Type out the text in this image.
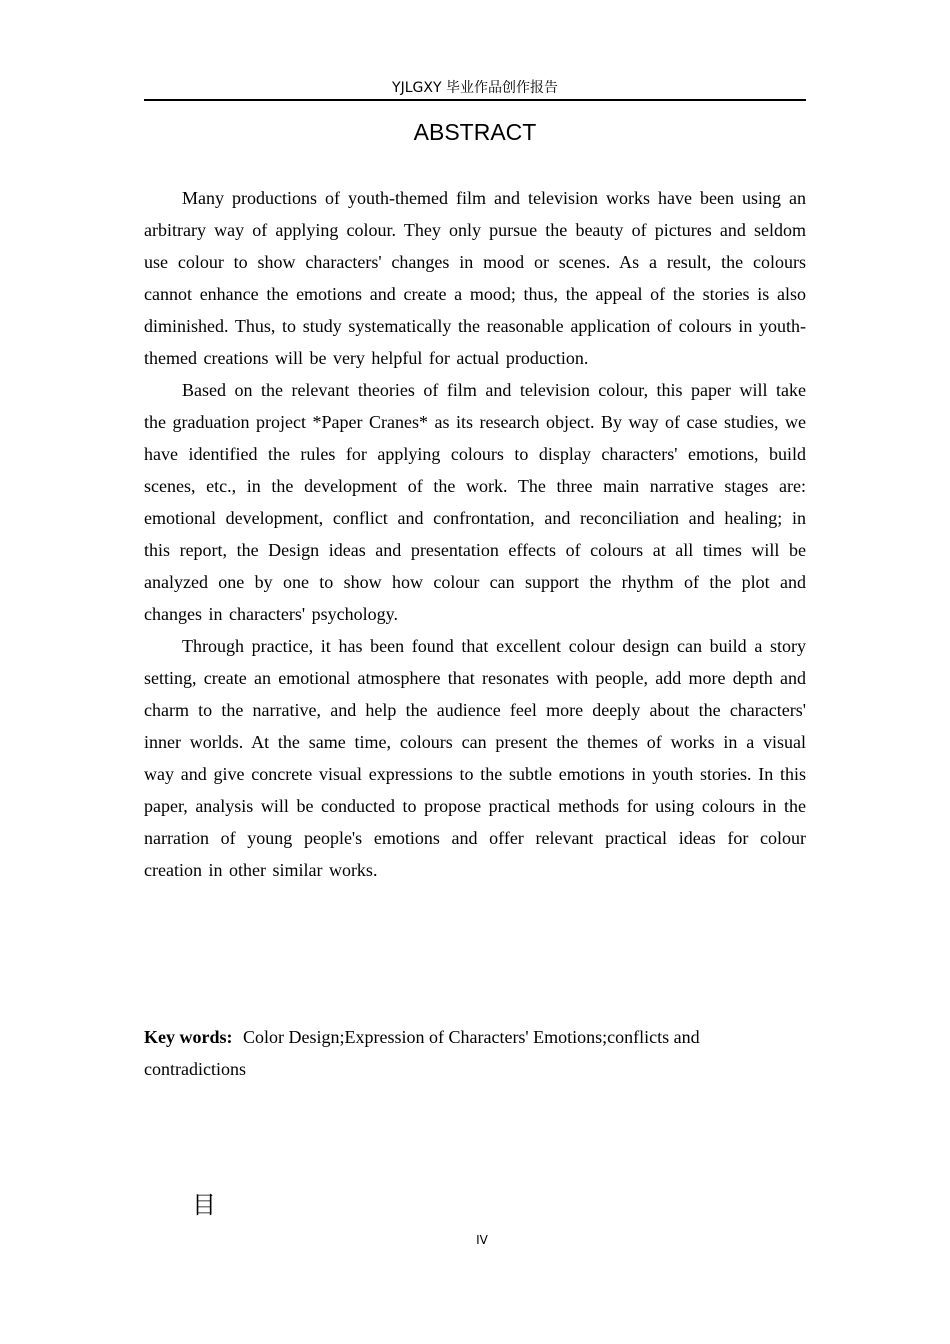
YJLGXY 毕业作品创作报告
ABSTRACT

Many productions of youth-themed film and television works have been using an arbitrary way of applying colour. They only pursue the beauty of pictures and seldom use colour to show characters' changes in mood or scenes. As a result, the colours cannot enhance the emotions and create a mood; thus, the appeal of the stories is also diminished. Thus, to study systematically the reasonable application of colours in youth-themed creations will be very helpful for actual production.

Based on the relevant theories of film and television colour, this paper will take the graduation project *Paper Cranes* as its research object. By way of case studies, we have identified the rules for applying colours to display characters' emotions, build scenes, etc., in the development of the work. The three main narrative stages are: emotional development, conflict and confrontation, and reconciliation and healing; in this report, the Design ideas and presentation effects of colours at all times will be analyzed one by one to show how colour can support the rhythm of the plot and changes in characters' psychology.

Through practice, it has been found that excellent colour design can build a story setting, create an emotional atmosphere that resonates with people, add more depth and charm to the narrative, and help the audience feel more deeply about the characters' inner worlds. At the same time, colours can present the themes of works in a visual way and give concrete visual expressions to the subtle emotions in youth stories. In this paper, analysis will be conducted to propose practical methods for using colours in the narration of young people's emotions and offer relevant practical ideas for colour creation in other similar works.

Key words: Color Design;Expression of Characters' Emotions;conflicts and contradictions
目
IV
